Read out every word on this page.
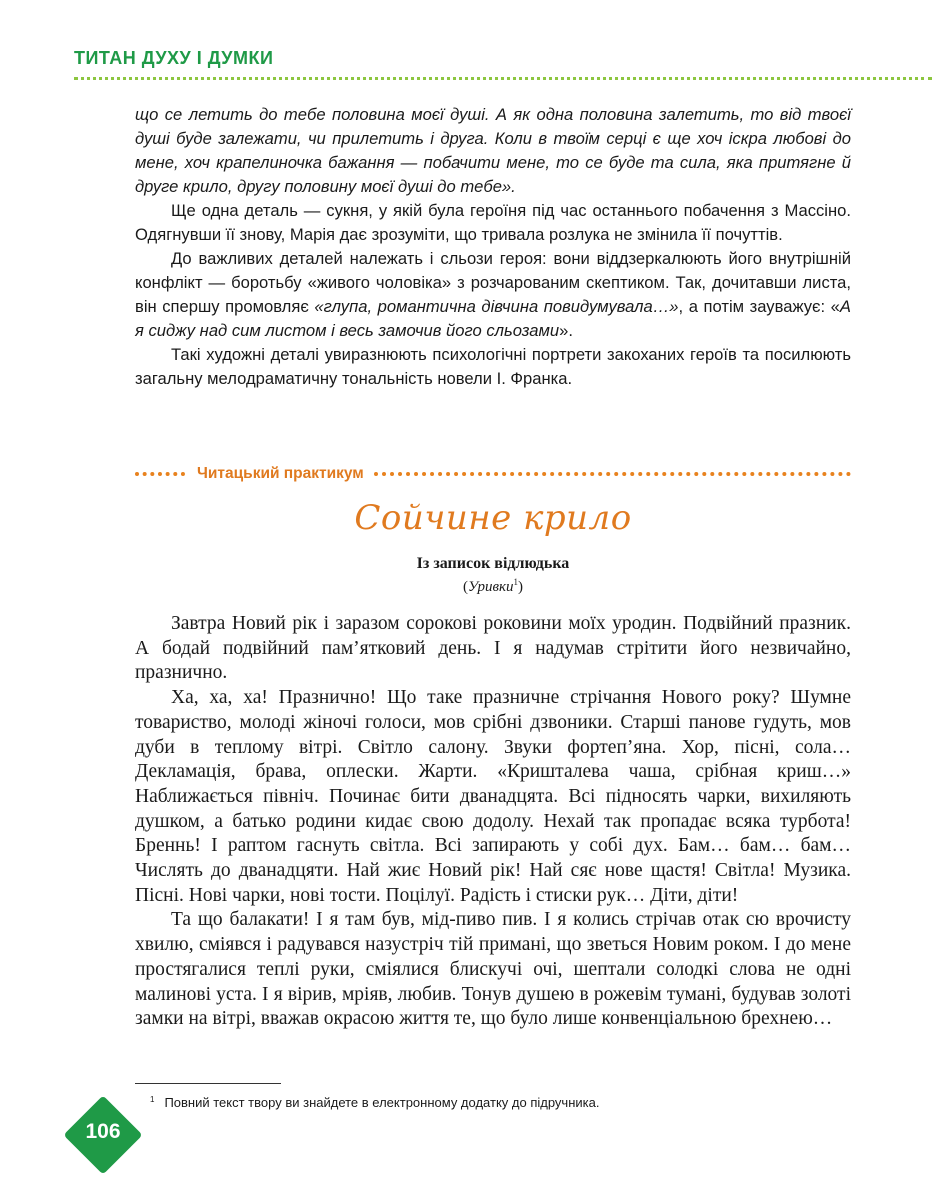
ТИТАН ДУХУ І ДУМКИ

що се летить до тебе половина моєї душі. А як одна половина залетить, то від твоєї душі буде залежати, чи прилетить і друга. Коли в твоїм серці є ще хоч іскра любові до мене, хоч крапелиночка бажання — побачити мене, то се буде та сила, яка притягне й друге крило, другу половину моєї душі до тебе».

Ще одна деталь — сукня, у якій була героїня під час останнього побачення з Массіно. Одягнувши її знову, Марія дає зрозуміти, що тривала розлука не змінила її почуттів.

До важливих деталей належать і сльози героя: вони віддзеркалюють його внутрішній конфлікт — боротьбу «живого чоловіка» з розчарованим скептиком. Так, дочитавши листа, він спершу промовляє «глупа, романтична дівчина повидумувала…», а потім зауважує: «А я сиджу над сим листом і весь замочив його сльозами».

Такі художні деталі увиразнюють психологічні портрети закоханих героїв та посилюють загальну мелодраматичну тональність новели І. Франка.

Читацький практикум
Сойчине крило
Із записок відлюдька
(Уривки$^1$)

Завтра Новий рік і заразом сорокові роковини моїх уродин. Подвійний празник. А бодай подвійний пам’ятковий день. І я надумав стрітити його незвичайно, празнично.

Ха, ха, ха! Празнично! Що таке празничне стрічання Нового року? Шумне товариство, молоді жіночі голоси, мов срібні дзвоники. Старші панове гудуть, мов дуби в теплому вітрі. Світло салону. Звуки фортеп’яна. Хор, пісні, сола… Декламація, брава, оплески. Жарти. «Кришталева чаша, срібная криш…» Наближається північ. Починає бити дванадцята. Всі підносять чарки, вихиляють душком, а батько родини кидає свою додолу. Нехай так пропадає всяка турбота! Бреннь! І раптом гаснуть світла. Всі запирають у собі дух. Бам… бам… бам… Числять до дванадцяти. Най жиє Новий рік! Най сяє нове щастя! Світла! Музика. Пісні. Нові чарки, нові тости. Поцілуї. Радість і стиски рук… Діти, діти!

Та що балакати! І я там був, мід-пиво пив. І я колись стрічав отак сю врочисту хвилю, сміявся і радувався назустріч тій примані, що зветься Новим роком. І до мене простягалися теплі руки, сміялися блискучі очі, шептали солодкі слова не одні малинові уста. І я вірив, мріяв, любив. Тонув душею в рожевім тумані, будував золоті замки на вітрі, вважав окрасою життя те, що було лише конвенціальною брехнею…

$^1$ Повний текст твору ви знайдете в електронному додатку до підручника.
106
